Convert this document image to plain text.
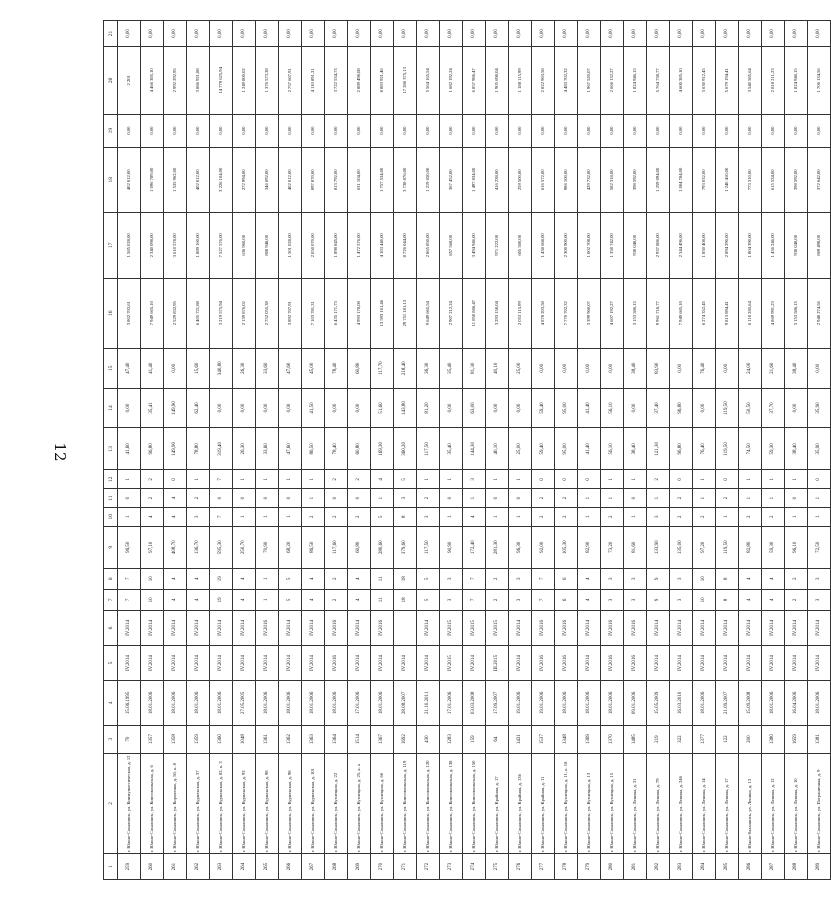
12
1	2	3	4	5	6	7	8	9	10	11	12	13	14	15	16	17	18	19	20	21
259	г. Южно-Сахалинск, ул. Коммунистическая, д. 12	70	15.06.1995	IV.2014	IV.2014	7	7	96,50	1	0	1	41,60	0,00	47,40	3 802 703,61	1 585 028,00	402 012,00	0,00	2 201	0,00
260	г. Южно-Сахалинск, ул. Комсомольская, д. 6	1357	18.01.2006	IV.2014	IV.2014	10	10	97,10	4	2	2	96,80	35,41	41,40	7 949 665,10	2 340 098,00	1 096 789,00	0,00	4 466 385,10	0,00
261	г. Южно-Сахалинск, ул. Короленко, д. 50, к. 8	1358	18.01.2006	IV.2014	IV.2014	4	4	408,70	4	4	0	149,90	149,90	0,00	2 529 832,95	3 610 578,00	1 535 962,00	0,00	2 992 292,95	0,00
262	г. Южно-Сахалинск, ул. Курильская, д. 37	1359	18.01.2006	IV.2014	IV.2014	4	4	136,70	3	2	1	78,80	62,40	15,60	6 405 721,88	1 889 160,00	402 012,00	0,00	3 886 921,88	0,00
263	г. Южно-Сахалинск, ул. Курильская, д. 82, к. 3	1360	18.01.2006	IV.2014	IV.2014	19	19	595,30	7	0	7	319,40	0,00	340,80	3 219 575,94	7 527 576,00	3 226 104,00	0,00	14 779 625,94	0,00
264	г. Южно-Сахалинск, ул. Курильская, д. 93	1048	27.05.2005	IV.2014	IV.2014	4	4	250,70	1	0	1	26,30	0,00	26,30	2 159 876,02	636 960,00	272 994,00	0,00	1 249 800,02	0,00
265	г. Южно-Сахалинск, ул. Курильская, д. 98	1361	18.01.2006	IV.2014	IV.2016	1	1	70,90	1	0	1	33,60	0,00	33,60	2 752 055,38	808 948,00	346 692,00	0,00	1 376 573,38	0,00
266	г. Южно-Сахалинск, ул. Курильская, д. 98	1362	18.01.2006	IV.2014	IV.2014	5	5	68,20	1	0	1	47,60	0,00	47,60	3 892 707,91	1 501 028,00	402 012,00	0,00	2 757 667,91	0,00
267	г. Южно-Сахалинск, ул. Курильская, д. 101	1363	18.01.2006	IV.2014	IV.2014	4	4	86,50	2	1	1	86,50	41,50	45,00	7 103 781,31	2 050 070,00	897 870,00	0,00	4 110 891,31	0,00
268	г. Южно-Сахалинск, ул. Кузнецкая, д. 22	1364	18.01.2006	IV.2016	IV.2016	2	2	117,60	2	0	2	78,40	0,00	78,40	6 435 171,73	1 898 845,00	813 792,00	0,00	3 722 534,73	0,00
269	г. Южно-Сахалинск, ул. Кузнецкая, д. 25, к. а	1514	17.01.2006	IV.2014	IV.2014	4	4	60,80	2	0	2	60,80	0,00	60,80	4 993 178,08	1 472 576,00	631 104,00	0,00	2 889 498,08	0,00
270	г. Южно-Сахалинск, ул. Кузнецкая, д. 66	1367	18.01.2006	IV.2014	IV.2016	11	11	280,60	5	1	4	169,30	51,60	117,70	13 593 161,46	4 103 446,00	1 757 534,00	0,00	8 883 921,46	0,00
271	г. Южно-Сахалинск, ул. Комсомольская, д. 119	1692	28.08.2007	IV.2014		18	18	379,60	8	3	5	360,20	143,80	218,40	29 751 181,13	8 726 044,00	3 738 876,00	0,00	17 286 375,13	0,00
272	г. Южно-Сахалинск, ул. Комсомольская, д. 120	430	21.10.2011	IV.2014	IV.2014	5	5	117,50	3	2	1	117,50	81,20	36,30	9 649 665,54	2 865 850,00	1 219 650,00	0,00	5 564 165,54	0,00
273	г. Южно-Сахалинск, ул. Комсомольская, д. 138	1283	17.01.2006	IV.2015	IV.2015	3	3	90,90	1	0	1	35,40	0,00	35,40	2 907 212,24	857 568,00	367 452,00	0,00	1 682 192,24	0,00
274	г. Южно-Сахалинск, ул. Комсомольская, д. 150	159	03.03.2008	IV.2014	IV.2015	7	7	172,40	4	1	3	144,30	63,00	81,30	11 850 806,47	3 494 946,00	1 497 834,00	0,00	6 857 986,47	0,00
275	г. Южно-Сахалинск, ул. Крайняя, д. 17	64	17.09.2007	III.2015	IV.2015	2	2	281,30	1	0	1	40,10	0,00	40,10	3 293 158,04	971 222,00	416 238,00	0,00	1 905 698,04	0,00
276	г. Южно-Сахалинск, ул. Крайняя, д. 136	1431	19.01.2006	IV.2014	IV.2014	3	3	96,30	1	0	1	25,00	0,00	25,00	2 053 115,99	605 500,00	259 500,00	0,00	1 188 115,99	0,00
277	г. Южно-Сахалинск, ул. Крайняя, д. 11	1537	19.01.2006	IV.2016	IV.2016	7	7	92,00	2	2	0	59,40	59,40	0,00	4 878 203,58	1 438 668,00	616 572,00	0,00	2 822 963,58	0,00
278	г. Южно-Сахалинск, ул. Кузнецкая, д. 11, к. 18	1348	18.01.2006	IV.2016	IV.2016	6	6	105,30	2	2	0	95,00	95,00	0,00	7 770 702,32	2 300 900,00	986 100,00	0,00	4 483 702,32	0,00
279	г. Южно-Сахалинск, ул. Кузнецкая, д. 13	1369	18.01.2006	IV.2014	IV.2014	4	4	82,90	1	1	0	41,40	41,40	0,00	3 399 960,07	1 002 708,00	429 732,00	0,00	1 967 520,07	0,00
280	г. Южно-Сахалинск, ул. Кузнецкая, д. 15	1370	18.01.2006	IV.2016	IV.2016	3	3	73,20	2	1	1	56,10	56,10	0,00	4 607 192,27	1 358 742,00	582 318,00	0,00	2 666 132,27	0,00
281	г. Южно-Сахалинск, ул. Ленина, д. 31	1485	09.01.2006	IV.2016	IV.2016	3	3	81,60	1	0	1	38,40	0,00	38,40	3 153 586,15	930 048,00	398 592,00	0,00	1 824 946,15	0,00
282	г. Южно-Сахалинск, ул. Ленина, д. 79	219	15.05.2009	IV.2014	IV.2014	9	9	133,90	3	1	2	121,30	37,40	83,90	9 961 718,77	2 937 886,00	1 259 094,00	0,00	5 764 738,77	0,00
283	г. Южно-Сахалинск, ул. Ленина, д. 246	322	16.03.2010	IV.2014	IV.2014	3	3	135,00	2	2	0	96,80	96,80	0,00	7 949 665,10	2 344 496,00	1 004 784,00	0,00	4 600 385,10	0,00
284	г. Южно-Сахалинск, ул. Ленина, д. 14	1377	18.01.2006	IV.2014	IV.2014	10	10	97,20	2	1	1	76,40	0,00	76,40	6 274 352,45	1 850 408,00	793 032,00	0,00	3 630 912,45	0,00
285	г. Южно-Сахалинск, ул. Ленина, д. 17	122	21.09.2007	IV.2014	IV.2014	8	8	119,50	1	2	0	119,50	119,50	0,00	9 813 894,41	2 894 290,00	1 240 410,00	0,00	5 679 194,41	0,00
286	г. Южно-Sахалинск, ул. Ленина, д. 13	200	15.09.2008	IV.2014	IV.2014	4	4	82,80	2	1	1	74,50	50,50	24,00	6 118 285,64	1 804 390,00	773 310,00	0,00	3 540 585,64	0,00
287	г. Южно-Сахалинск, ул. Ленина, д. 12	1380	18.01.2006	IV.2014	IV.2014	4	4	59,30	2	1	1	59,30	37,70	21,60	4 869 991,23	1 436 246,00	615 534,00	0,00	2 818 211,23	0,00
288	г. Южно-Сахалинск, ул. Ленина, д. 10	1659	16.04.2006	IV.2014	IV.2014	2	2	96,10	1	0	1	38,40	0,00	38,40	3 153 586,15	930 048,00	398 592,00	0,00	1 824 946,15	0,00
289	г. Южно-Сахалинск, ул. Пограничная, д. 9	1381	18.01.2006	IV.2014	IV.2014	3	3	72,50	1	1	0	35,90	35,90	0,00	2 948 274,56	869 498,00	372 642,00	0,00	1 706 134,56	0,00
